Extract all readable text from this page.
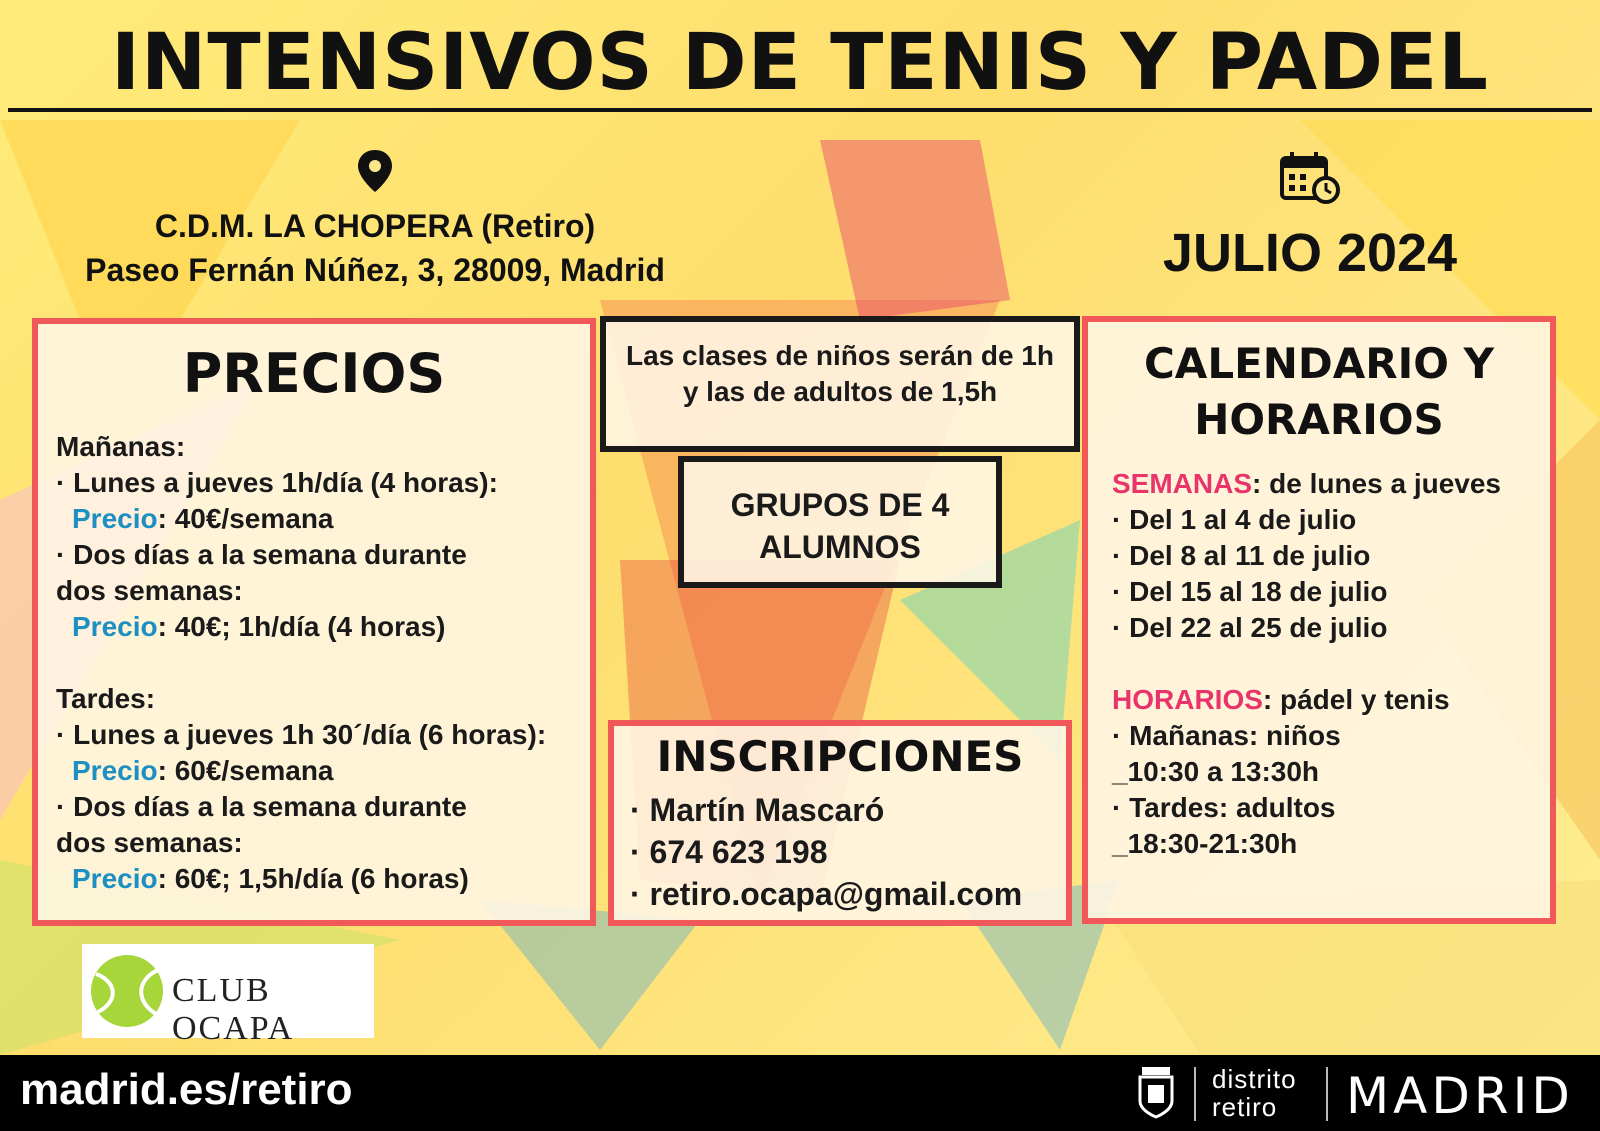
INTENSIVOS DE TENIS Y PADEL
C.D.M. LA CHOPERA (Retiro)
Paseo Fernán Núñez, 3, 28009, Madrid	JULIO 2024
PRECIOS
Mañanas:
· Lunes a jueves 1h/día (4 horas):
Precio: 40€/semana
· Dos días a la semana durante
dos semanas:
Precio: 40€; 1h/día (4 horas)
Tardes:
· Lunes a jueves 1h 30´/día (6 horas):
Precio: 60€/semana
· Dos días a la semana durante
dos semanas:
Precio: 60€; 1,5h/día (6 horas)
Las clases de niños serán de 1h y las de adultos de 1,5h
GRUPOS DE 4 ALUMNOS
INSCRIPCIONES
· Martín Mascaró
· 674 623 198
· retiro.ocapa@gmail.com
CALENDARIO Y HORARIOS
SEMANAS: de lunes a jueves
· Del 1 al 4 de julio
· Del 8 al 11 de julio
· Del 15 al 18 de julio
· Del 22 al 25 de julio
HORARIOS: pádel y tenis
· Mañanas: niños
_10:30 a 13:30h
· Tardes: adultos
_18:30-21:30h
CLUB OCAPA
madrid.es/retiro	distrito
retiro	MADRID
